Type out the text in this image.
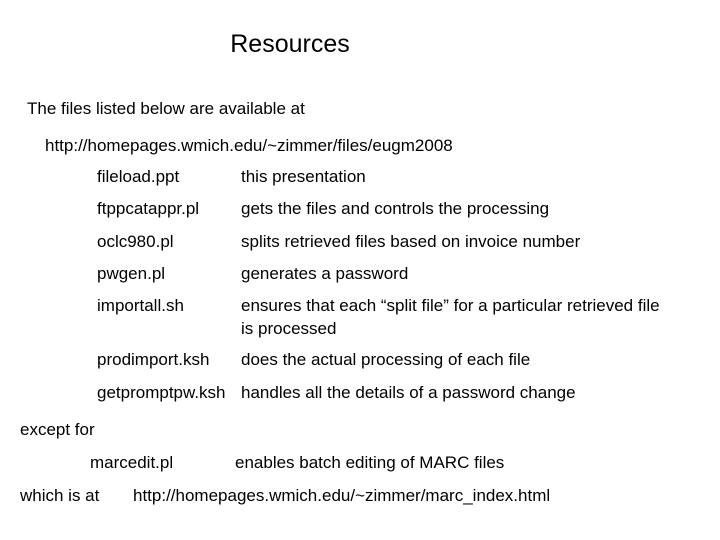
Resources
The files listed below are available at
http://homepages.wmich.edu/~zimmer/files/eugm2008
fileload.ppt	this presentation
ftppcatappr.pl gets the files and controls the processing
oclc980.pl	splits retrieved files based on invoice number
pwgen.pl	generates a password
importall.sh	ensures that each “split file” for a particular retrieved file is processed
prodimport.ksh does the actual processing of each file
getpromptpw.ksh handles all the details of a password change
except for
marcedit.pl	enables batch editing of MARC files
which is at http://homepages.wmich.edu/~zimmer/marc_index.html
